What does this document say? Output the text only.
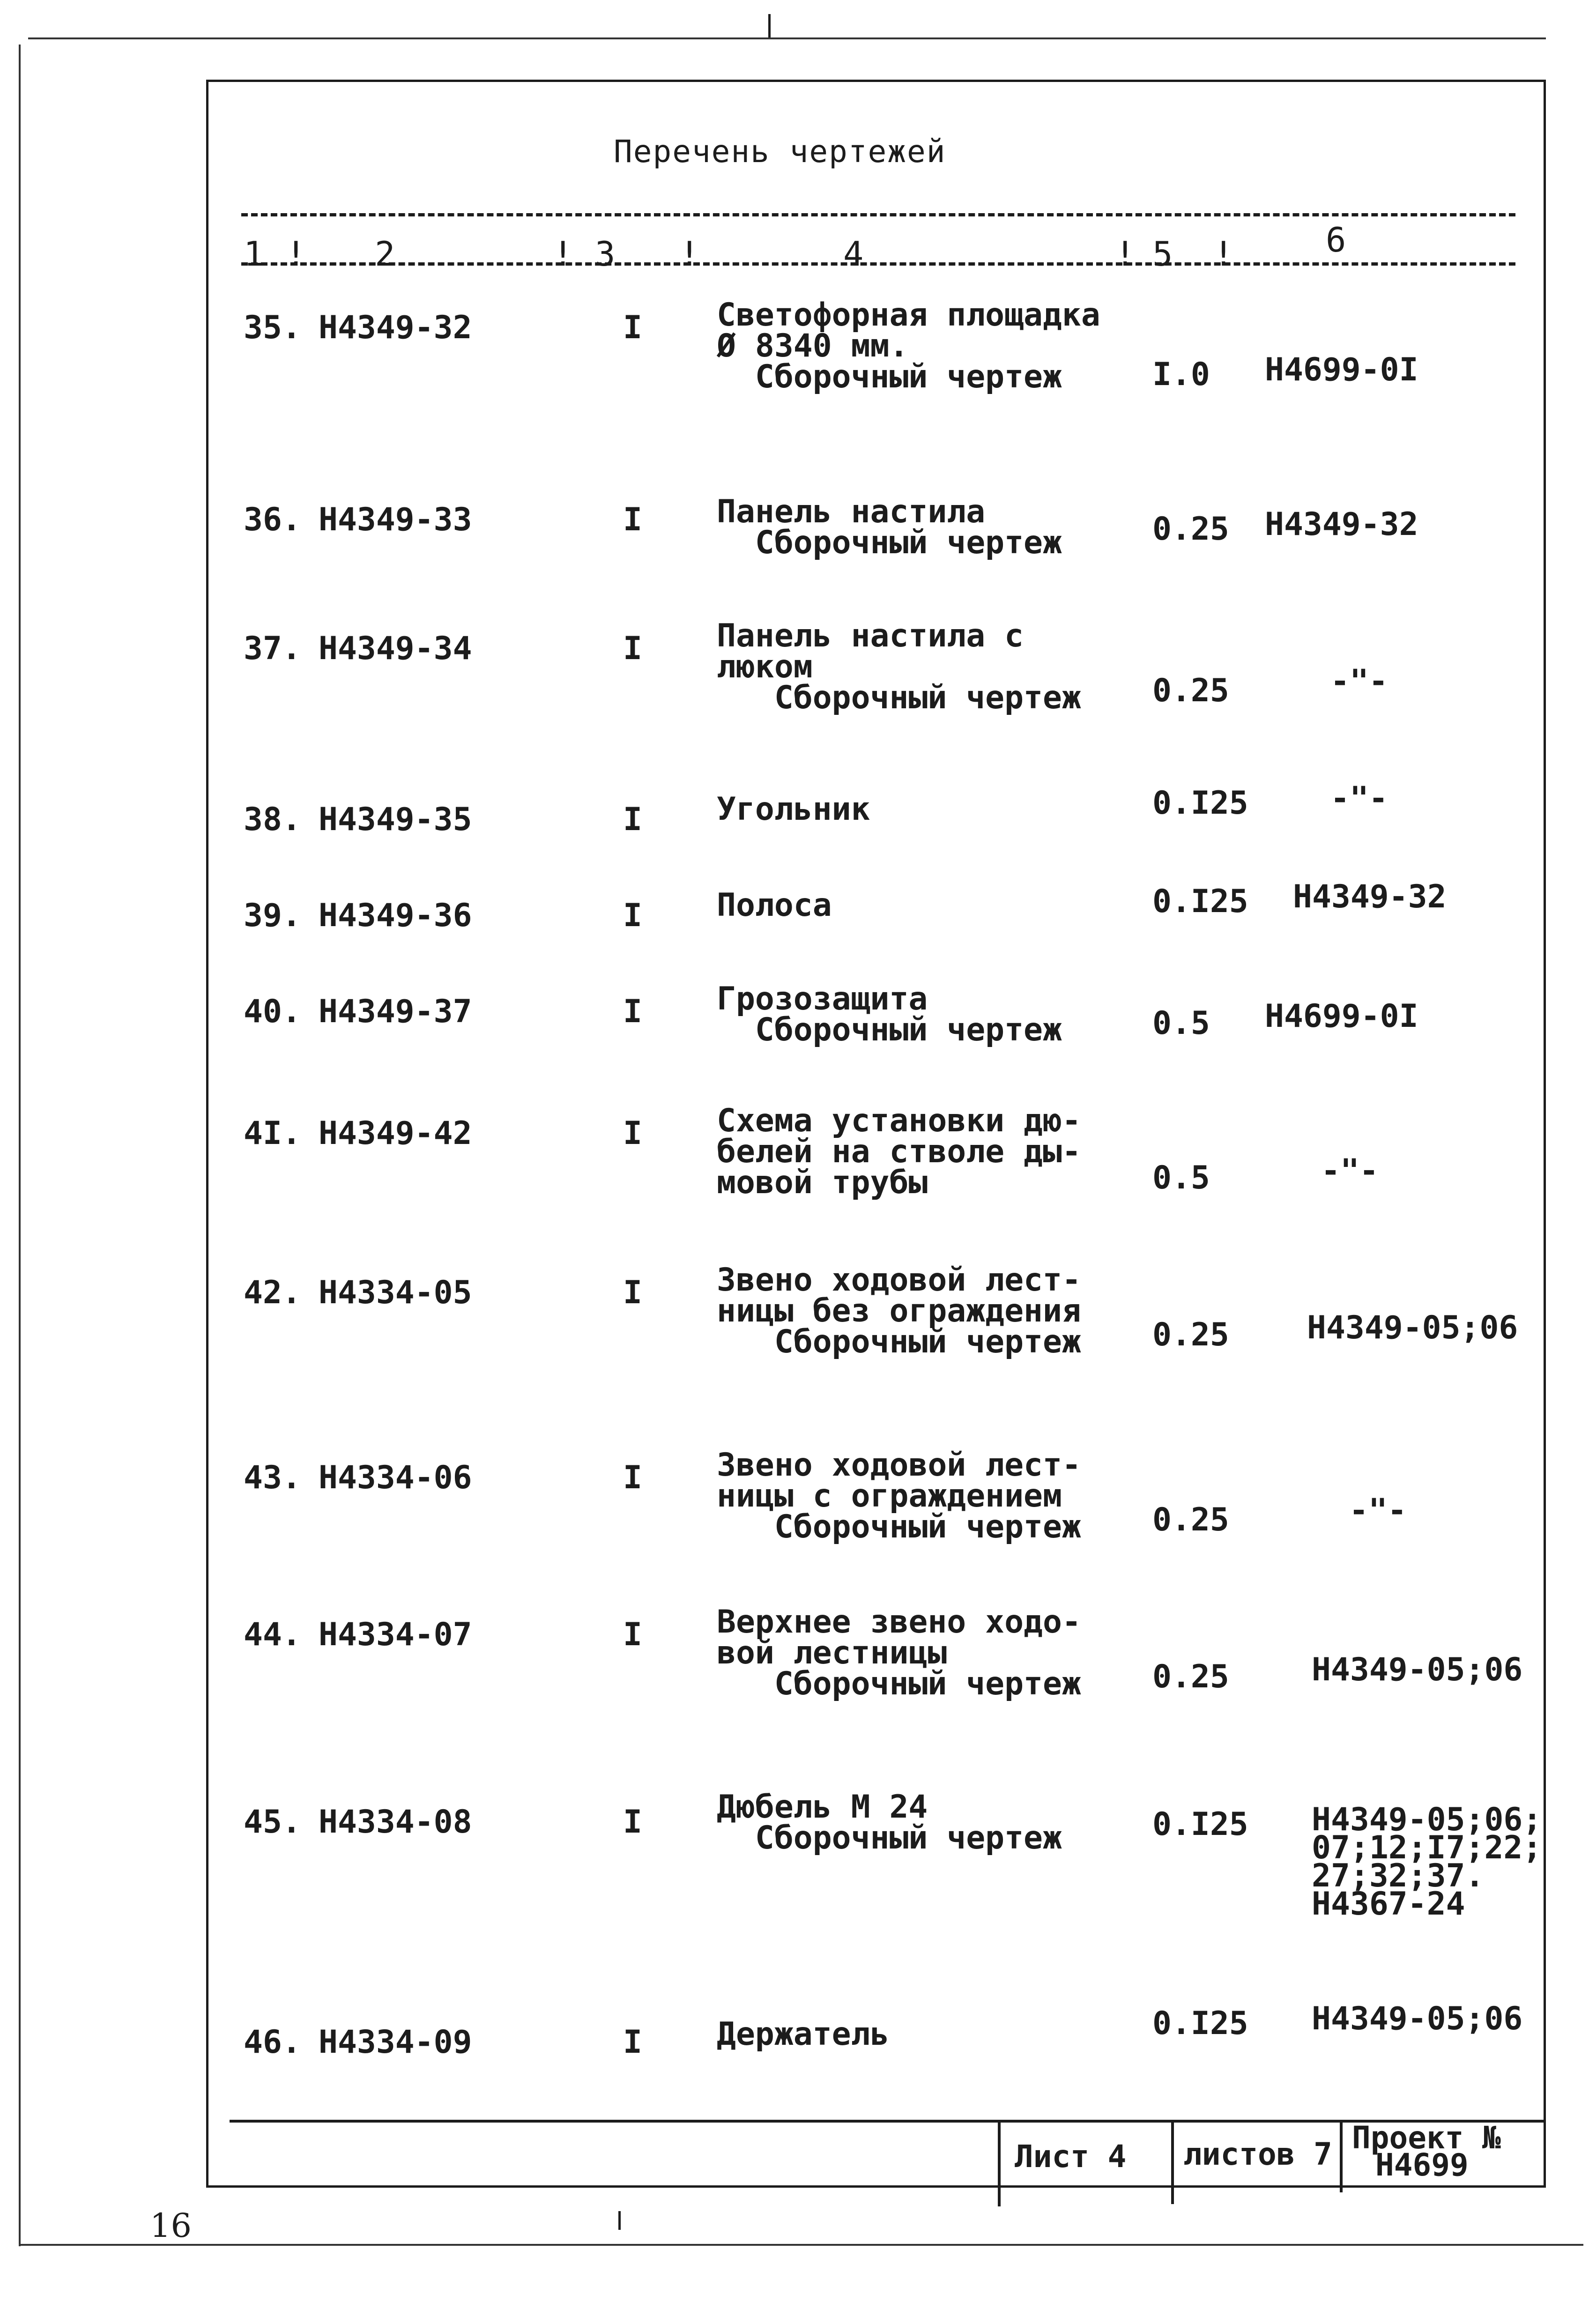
Перечень чертежей
1 ! 2	! 3 !	4	! 5 !	6
35. Н4349-32	I Светофорная площадка
Ø 8340 мм.
Сборочный чертеж	I.0 Н4699-0I
36. Н4349-33	I Панель настила
Сборочный чертеж	0.25 Н4349-32
37. Н4349-34	I Панель настила с
люком
Сборочный чертеж 0.25	-"-
38. Н4349-35	I Угольник	0.I25	-"-
39. Н4349-36	I Полоса	0.I25 Н4349-32
40. Н4349-37	I Грозозащита
Сборочный чертеж	0.5 Н4699-0I
4I. Н4349-42	I Схема установки дю-
белей на стволе ды-
мовой трубы	0.5	-"-
42. Н4334-05	I Звено ходовой лест-
ницы без ограждения
Сборочный чертеж 0.25 Н4349-05;06
43. Н4334-06	I Звено ходовой лест-
ницы с ограждением
Сборочный чертеж 0.25	-"-
44. Н4334-07	I Верхнее звено ходо-
вой лестницы
Сборочный чертеж 0.25	Н4349-05;06
45. Н4334-08	I Дюбель М 24
Сборочный чертеж	0.I25 Н4349-05;06;
07;12;I7;22;
27;32;37.
Н4367-24
46. Н4334-09	I Держатель	0.I25 Н4349-05;06
Лист 4	листов 7 Проект №
Н4699
16
